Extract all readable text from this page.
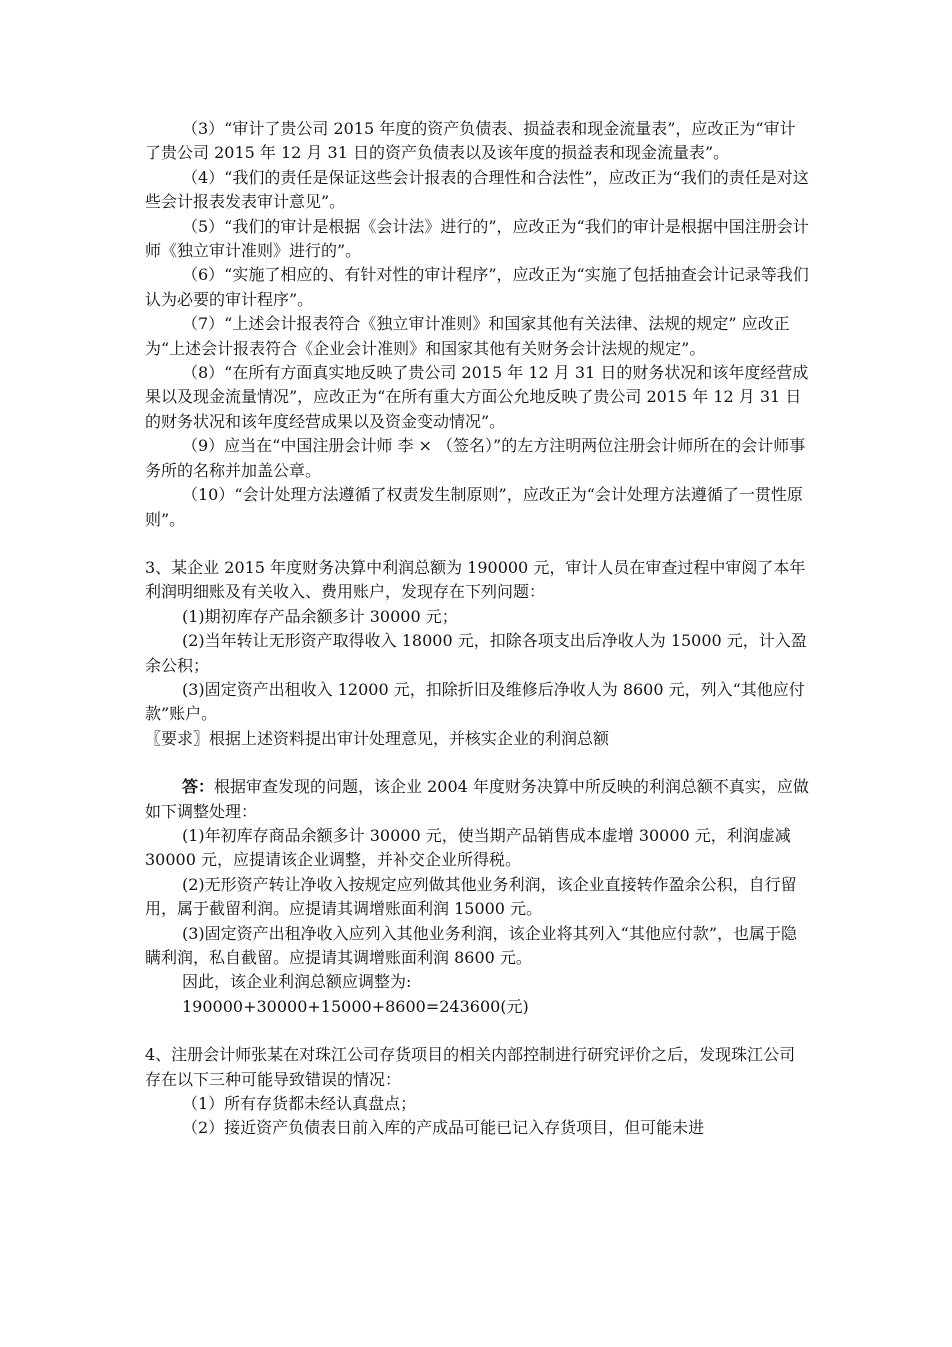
（3）“审计了贵公司 2015 年度的资产负债表、损益表和现金流量表”，应改正为“审计了贵公司 2015 年 12 月 31 日的资产负债表以及该年度的损益表和现金流量表”。

（4）“我们的责任是保证这些会计报表的合理性和合法性”，应改正为“我们的责任是对这些会计报表发表审计意见”。

（5）“我们的审计是根据《会计法》进行的”，应改正为“我们的审计是根据中国注册会计师《独立审计准则》进行的”。

（6）“实施了相应的、有针对性的审计程序”，应改正为“实施了包括抽查会计记录等我们认为必要的审计程序”。

（7）“上述会计报表符合《独立审计准则》和国家其他有关法律、法规的规定” 应改正为“上述会计报表符合《企业会计准则》和国家其他有关财务会计法规的规定”。

（8）“在所有方面真实地反映了贵公司 2015 年 12 月 31 日的财务状况和该年度经营成果以及现金流量情况”，应改正为“在所有重大方面公允地反映了贵公司 2015 年 12 月 31 日的财务状况和该年度经营成果以及资金变动情况”。

（9）应当在“中国注册会计师 李 × （签名）”的左方注明两位注册会计师所在的会计师事务所的名称并加盖公章。

（10）“会计处理方法遵循了权责发生制原则”，应改正为“会计处理方法遵循了一贯性原则”。

3、某企业 2015 年度财务决算中利润总额为 190000 元，审计人员在审查过程中审阅了本年利润明细账及有关收入、费用账户，发现存在下列问题：

(1)期初库存产品余额多计 30000 元；

(2)当年转让无形资产取得收入 18000 元，扣除各项支出后净收人为 15000 元，计入盈余公积；

(3)固定资产出租收入 12000 元，扣除折旧及维修后净收人为 8600 元，列入“其他应付款”账户。

〖要求〗根据上述资料提出审计处理意见，并核实企业的利润总额

答：根据审查发现的问题，该企业 2004 年度财务决算中所反映的利润总额不真实，应做如下调整处理：

(1)年初库存商品余额多计 30000 元，使当期产品销售成本虚增 30000 元，利润虚减 30000 元，应提请该企业调整，并补交企业所得税。

(2)无形资产转让净收入按规定应列做其他业务利润，该企业直接转作盈余公积，自行留用，属于截留利润。应提请其调增账面利润 15000 元。

(3)固定资产出租净收入应列入其他业务利润，该企业将其列入“其他应付款”，也属于隐瞒利润，私自截留。应提请其调增账面利润 8600 元。

因此，该企业利润总额应调整为:

190000+30000+15000+8600=243600(元)

4、注册会计师张某在对珠江公司存货项目的相关内部控制进行研究评价之后，发现珠江公司存在以下三种可能导致错误的情况：

（1）所有存货都未经认真盘点；

（2）接近资产负债表日前入库的产成品可能已记入存货项目，但可能未进
